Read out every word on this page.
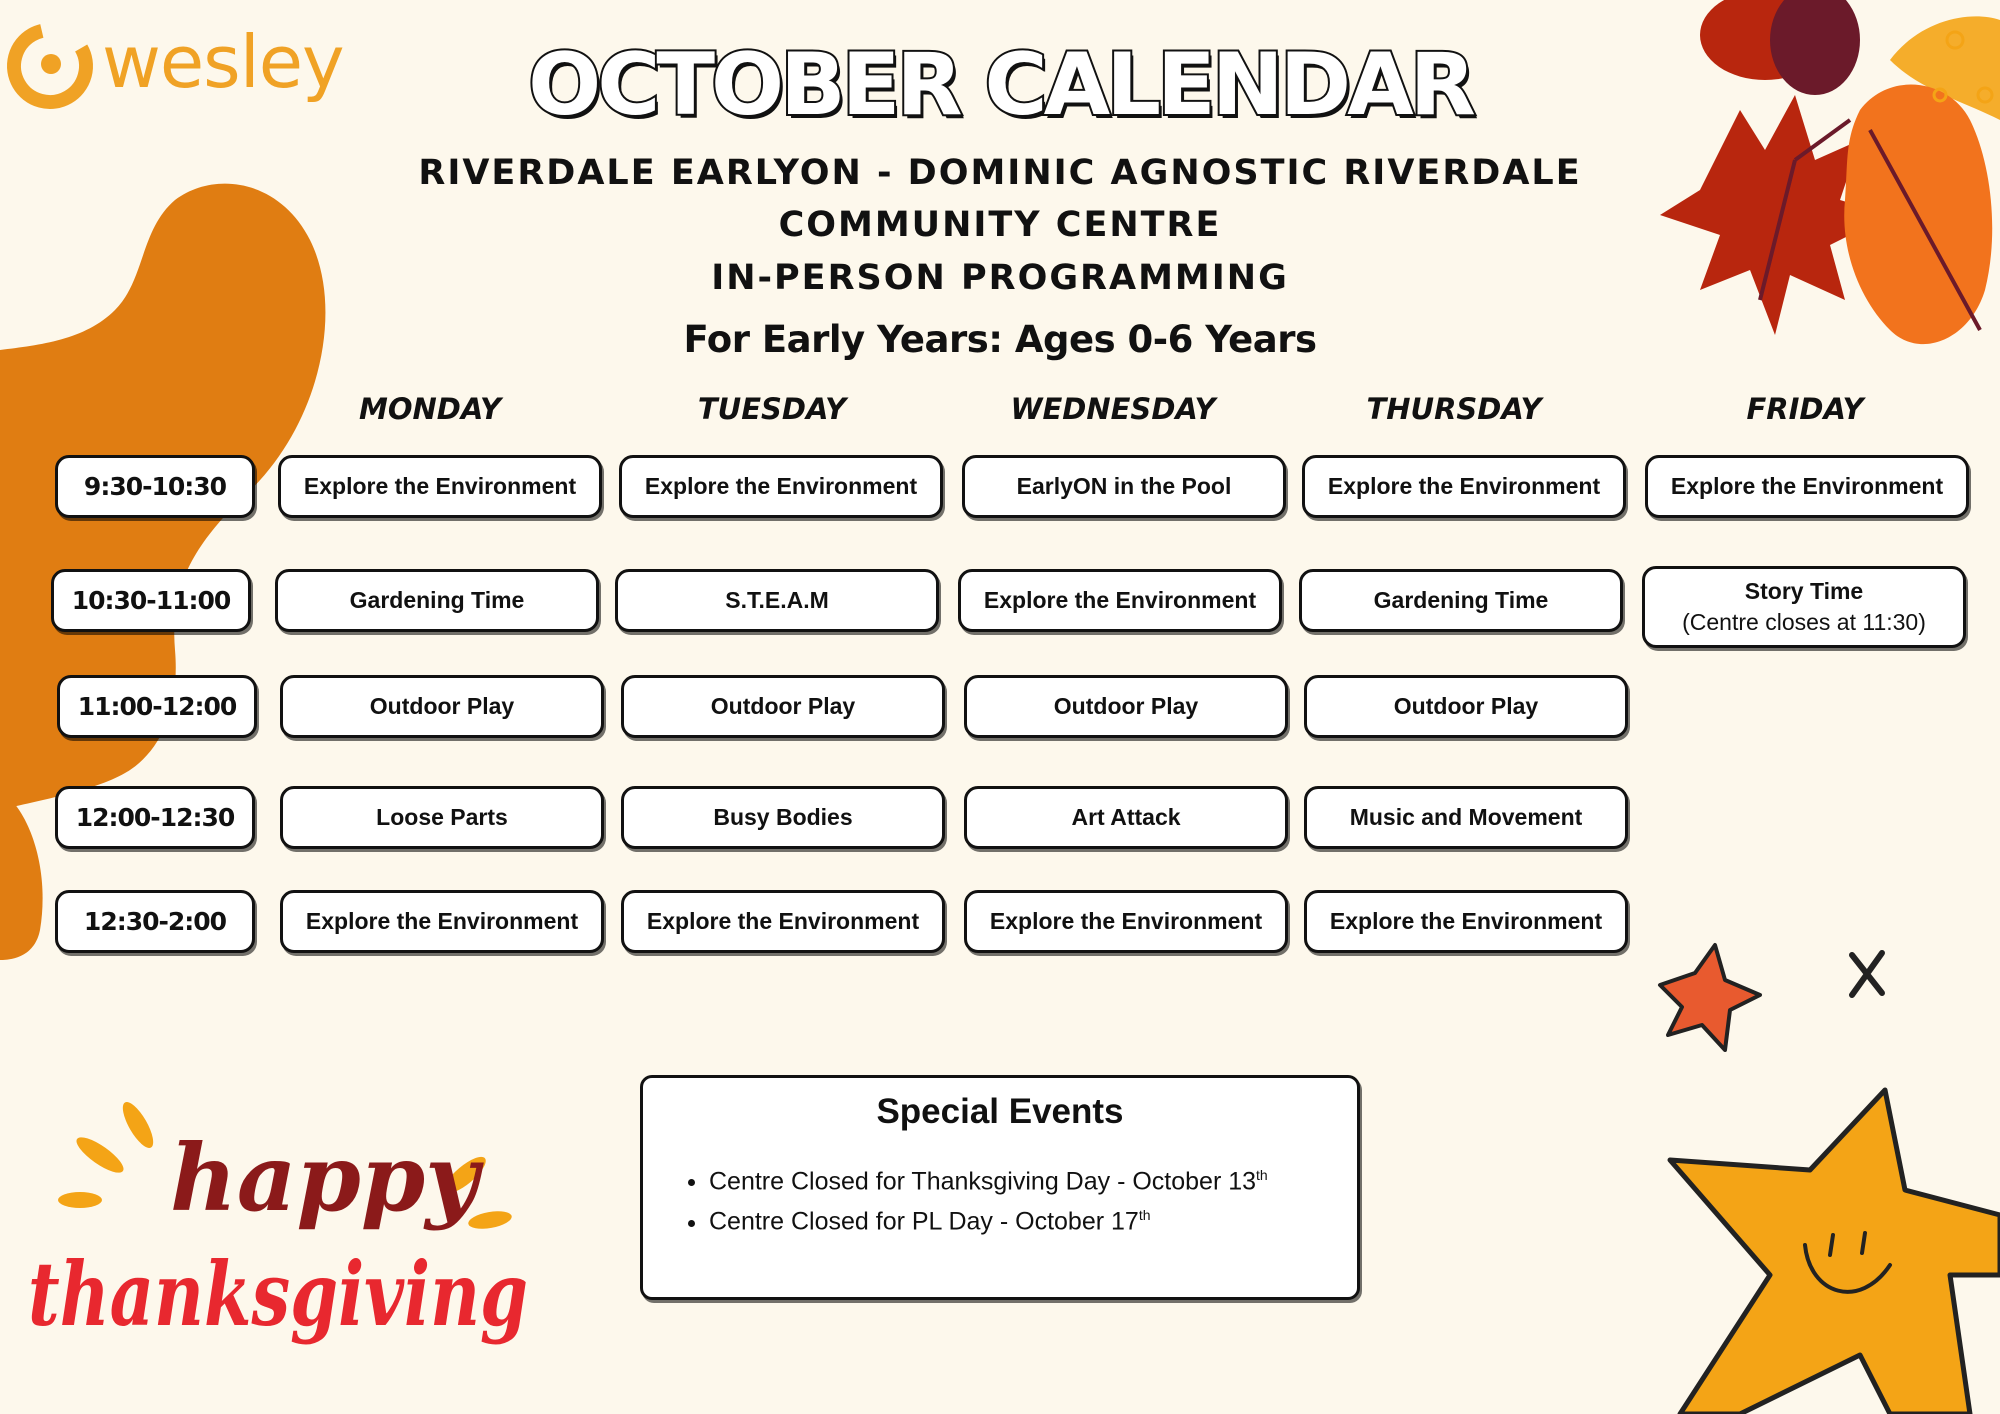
wesley	OCTOBER CALENDAR
RIVERDALE EARLYON - DOMINIC AGNOSTIC RIVERDALE
COMMUNITY CENTRE
IN-PERSON PROGRAMMING
For Early Years: Ages 0-6 Years
MONDAY	TUESDAY	WEDNESDAY	THURSDAY	FRIDAY
9:30-10:30	Explore the Environment	Explore the Environment	EarlyON in the Pool	Explore the Environment	Explore the Environment
10:30-11:00	Gardening Time	S.T.E.A.M	Explore the Environment	Gardening Time	Story Time
(Centre closes at 11:30)
11:00-12:00	Outdoor Play	Outdoor Play	Outdoor Play	Outdoor Play
12:00-12:30	Loose Parts	Busy Bodies	Art Attack	Music and Movement
12:30-2:00	Explore the Environment	Explore the Environment	Explore the Environment	Explore the Environment
Special Events
• Centre Closed for Thanksgiving Day - October 13th
• Centre Closed for PL Day - October 17th
happy
thanksgiving
